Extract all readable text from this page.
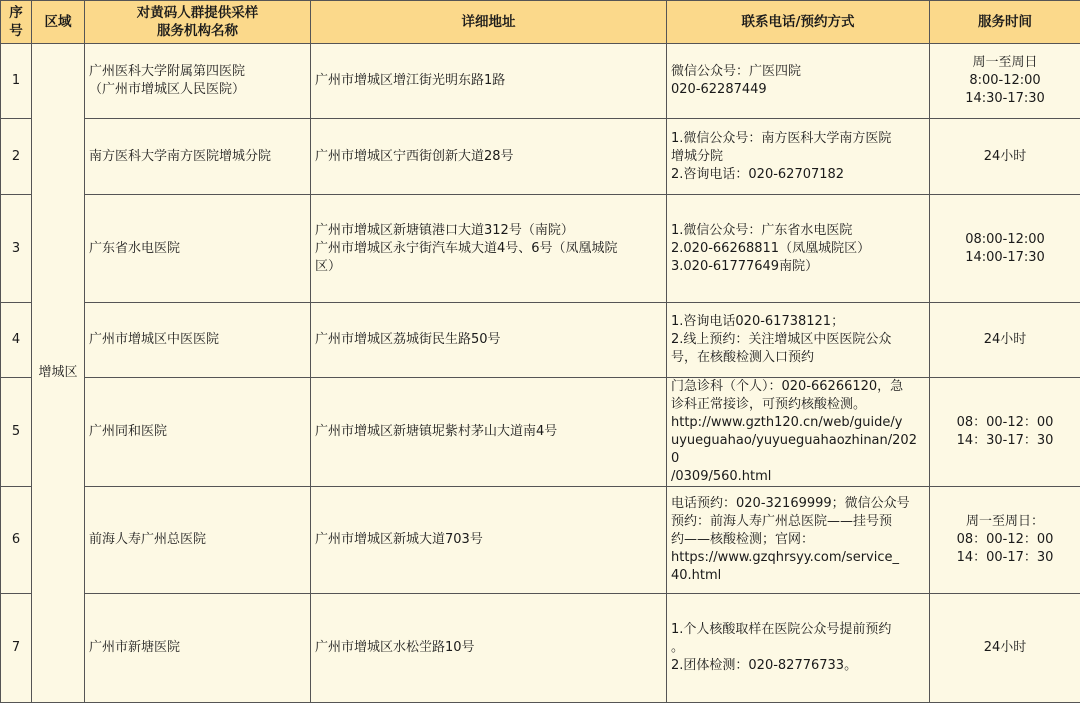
序号	区域	对黄码人群提供采样
服务机构名称	详细地址	联系电话/预约方式	服务时间
1	增城区	广州医科大学附属第四医院
（广州市增城区人民医院）	广州市增城区增江街光明东路1路	微信公众号：广医四院
020-62287449	周一至周日
8:00-12:00
14:30-17:30

2		南方医科大学南方医院增城分院	广州市增城区宁西街创新大道28号	1.微信公众号：南方医科大学南方医院
增城分院
2.咨询电话：020-62707182	24小时

3		广东省水电医院	广州市增城区新塘镇港口大道312号（南院）
广州市增城区永宁街汽车城大道4号、6号（凤凰城院
区）	1.微信公众号：广东省水电医院
2.020-66268811（凤凰城院区）
3.020-61777649南院）	08:00-12:00
14:00-17:30

4		广州市增城区中医医院	广州市增城区荔城街民生路50号	1.咨询电话020-61738121；
2.线上预约：关注增城区中医医院公众
号，在核酸检测入口预约	24小时

5		广州同和医院	广州市增城区新塘镇坭紫村茅山大道南4号	门急诊科（个人）：020-66266120，急
诊科正常接诊，可预约核酸检测。
http://www.gzth120.cn/web/guide/y
uyueguahao/yuyueguahaozhinan/2020
/0309/560.html	08：00-12：00
14：30-17：30

6		前海人寿广州总医院	广州市增城区新城大道703号	电话预约：020-32169999；微信公众号
预约：前海人寿广州总医院——挂号预
约——核酸检测；官网：
https://www.gzqhrsyy.com/service_
40.html	周一至周日：
08：00-12：00
14：00-17：30

7		广州市新塘医院	广州市增城区水松坣路10号	1.个人核酸取样在医院公众号提前预约
。
2.团体检测：020-82776733。	24小时
